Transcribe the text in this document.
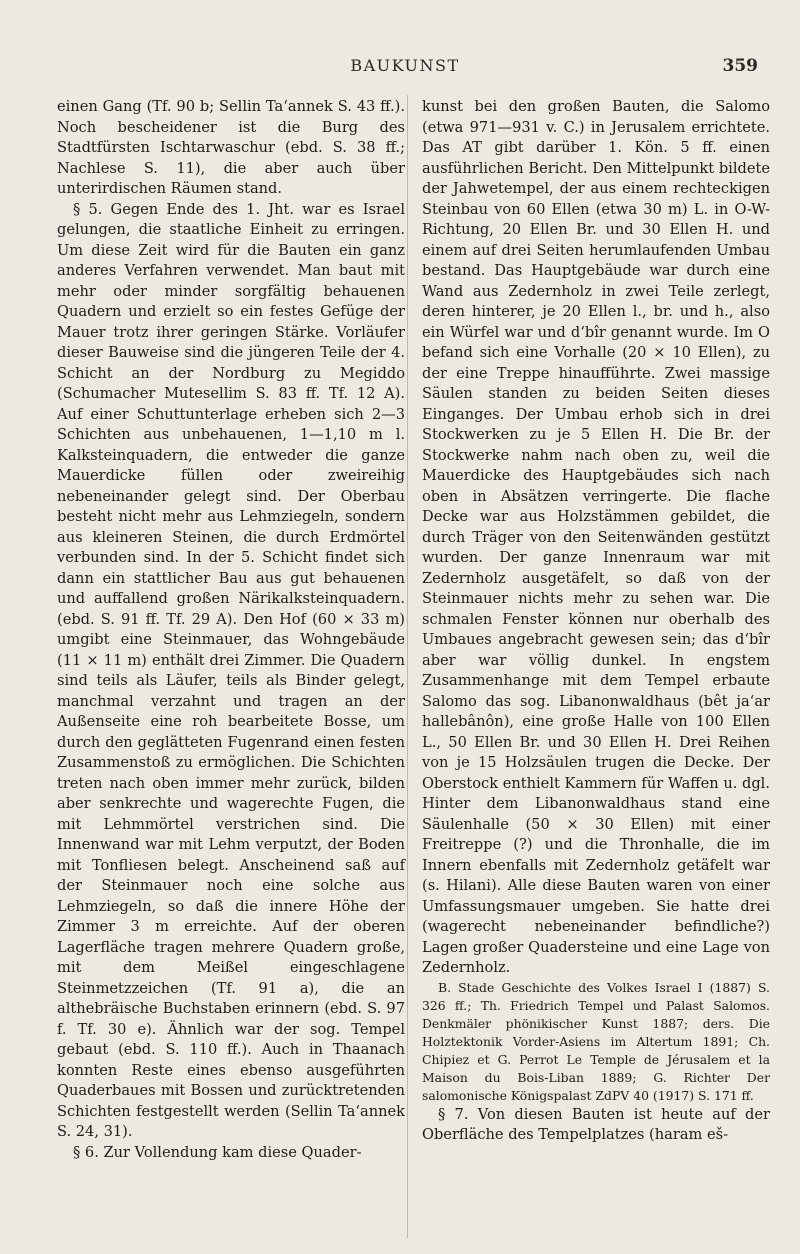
BAUKUNST	359

einen Gang (Tf. 90 b; Sellin Ta‘annek S. 43 ff.). Noch bescheidener ist die Burg des Stadtfürsten Ischtarwaschur (ebd. S. 38 ff.; Nachlese S. 11), die aber auch über unterirdischen Räumen stand.

§ 5. Gegen Ende des 1. Jht. war es Israel gelungen, die staatliche Einheit zu erringen. Um diese Zeit wird für die Bauten ein ganz anderes Verfahren verwendet. Man baut mit mehr oder minder sorgfältig behauenen Quadern und erzielt so ein festes Gefüge der Mauer trotz ihrer geringen Stärke. Vorläufer dieser Bauweise sind die jüngeren Teile der 4. Schicht an der Nordburg zu Megiddo (Schumacher Mutesellim S. 83 ff. Tf. 12 A). Auf einer Schuttunterlage erheben sich 2—3 Schichten aus unbehauenen, 1—1,10 m l. Kalksteinquadern, die entweder die ganze Mauerdicke füllen oder zweireihig nebeneinander gelegt sind. Der Oberbau besteht nicht mehr aus Lehmziegeln, sondern aus kleineren Steinen, die durch Erdmörtel verbunden sind. In der 5. Schicht findet sich dann ein stattlicher Bau aus gut behauenen und auffallend großen Närikalksteinquadern. (ebd. S. 91 ff. Tf. 29 A). Den Hof (60 × 33 m) umgibt eine Steinmauer, das Wohngebäude (11 × 11 m) enthält drei Zimmer. Die Quadern sind teils als Läufer, teils als Binder gelegt, manchmal verzahnt und tragen an der Außenseite eine roh bearbeitete Bosse, um durch den geglätteten Fugenrand einen festen Zusammenstoß zu ermöglichen. Die Schichten treten nach oben immer mehr zurück, bilden aber senkrechte und wagerechte Fugen, die mit Lehmmörtel verstrichen sind. Die Innenwand war mit Lehm verputzt, der Boden mit Tonfliesen belegt. Anscheinend saß auf der Steinmauer noch eine solche aus Lehmziegeln, so daß die innere Höhe der Zimmer 3 m erreichte. Auf der oberen Lagerfläche tragen mehrere Quadern große, mit dem Meißel eingeschlagene Steinmetzzeichen (Tf. 91 a), die an althebräische Buchstaben erinnern (ebd. S. 97 f. Tf. 30 e). Ähnlich war der sog. Tempel gebaut (ebd. S. 110 ff.). Auch in Thaanach konnten Reste eines ebenso ausgeführten Quaderbaues mit Bossen und zurücktretenden Schichten festgestellt werden (Sellin Ta‘annek S. 24, 31).

§ 6. Zur Vollendung kam diese Quader-

kunst bei den großen Bauten, die Salomo (etwa 971—931 v. C.) in Jerusalem errichtete. Das AT gibt darüber 1. Kön. 5 ff. einen ausführlichen Bericht. Den Mittelpunkt bildete der Jahwetempel, der aus einem rechteckigen Steinbau von 60 Ellen (etwa 30 m) L. in O-W-Richtung, 20 Ellen Br. und 30 Ellen H. und einem auf drei Seiten herumlaufenden Umbau bestand. Das Hauptgebäude war durch eine Wand aus Zedernholz in zwei Teile zerlegt, deren hinterer, je 20 Ellen l., br. und h., also ein Würfel war und d‘bîr genannt wurde. Im O befand sich eine Vorhalle (20 × 10 Ellen), zu der eine Treppe hinaufführte. Zwei massige Säulen standen zu beiden Seiten dieses Einganges. Der Umbau erhob sich in drei Stockwerken zu je 5 Ellen H. Die Br. der Stockwerke nahm nach oben zu, weil die Mauerdicke des Hauptgebäudes sich nach oben in Absätzen verringerte. Die flache Decke war aus Holzstämmen gebildet, die durch Träger von den Seitenwänden gestützt wurden. Der ganze Innenraum war mit Zedernholz ausgetäfelt, so daß von der Steinmauer nichts mehr zu sehen war. Die schmalen Fenster können nur oberhalb des Umbaues angebracht gewesen sein; das d‘bîr aber war völlig dunkel. In engstem Zusammenhange mit dem Tempel erbaute Salomo das sog. Libanonwaldhaus (bêt ja‘ar hallebânôn), eine große Halle von 100 Ellen L., 50 Ellen Br. und 30 Ellen H. Drei Reihen von je 15 Holzsäulen trugen die Decke. Der Oberstock enthielt Kammern für Waffen u. dgl. Hinter dem Libanonwaldhaus stand eine Säulenhalle (50 × 30 Ellen) mit einer Freitreppe (?) und die Thronhalle, die im Innern ebenfalls mit Zedernholz getäfelt war (s. Hilani). Alle diese Bauten waren von einer Umfassungsmauer umgeben. Sie hatte drei (wagerecht nebeneinander befindliche?) Lagen großer Quadersteine und eine Lage von Zedernholz.

B. Stade Geschichte des Volkes Israel I (1887) S. 326 ff.; Th. Friedrich Tempel und Palast Salomos. Denkmäler phönikischer Kunst 1887; ders. Die Holztektonik Vorder-Asiens im Altertum 1891; Ch. Chipiez et G. Perrot Le Temple de Jérusalem et la Maison du Bois-Liban 1889; G. Richter Der salomonische Königspalast ZdPV 40 (1917) S. 171 ff.

§ 7. Von diesen Bauten ist heute auf der Oberfläche des Tempelplatzes (haram eš-
